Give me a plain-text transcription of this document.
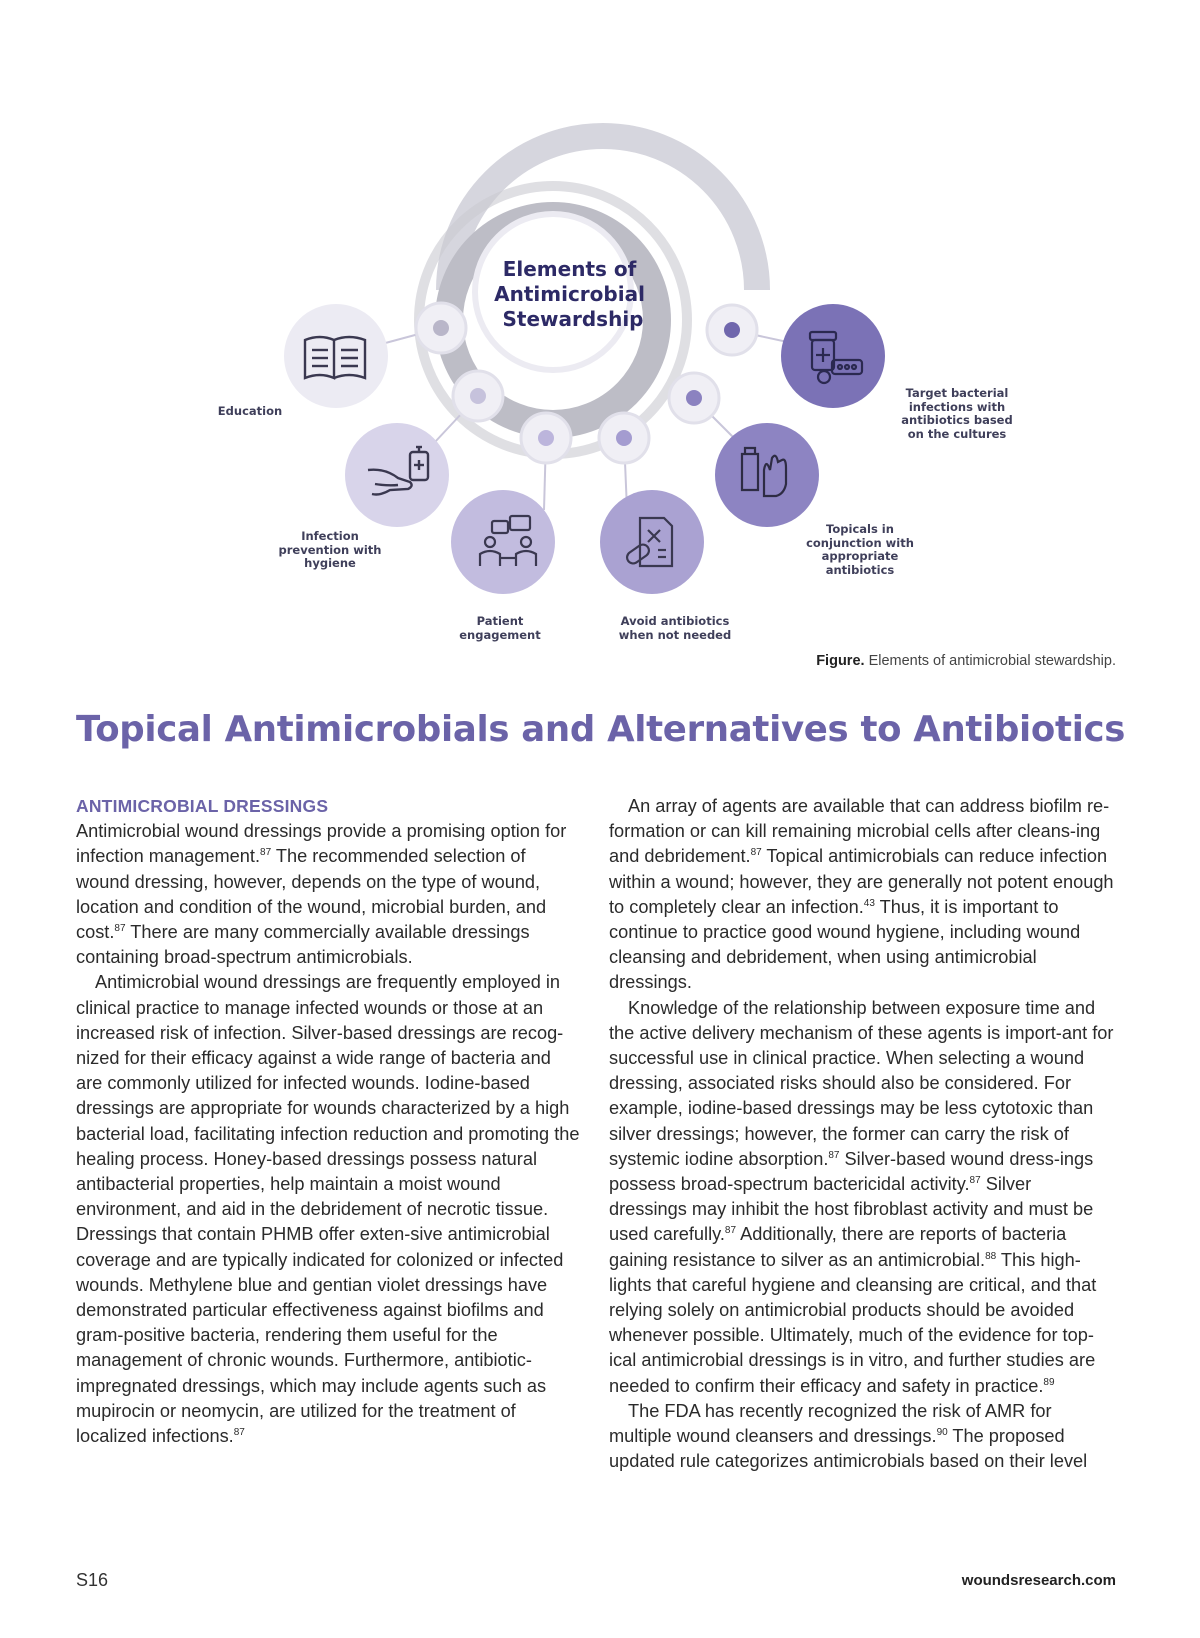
Elements of Antimicrobial Stewardship
Education
Target bacterial
infections with
antibiotics based
on the cultures
Infection
prevention with
hygiene
Patient
engagement
Avoid antibiotics
when not needed
Topicals in
conjunction with
appropriate
antibiotics
Figure. Elements of antimicrobial stewardship.
Topical Antimicrobials and Alternatives to Antibiotics
ANTIMICROBIAL DRESSINGS

Antimicrobial wound dressings provide a promising option for infection management.$^{87}$ The recommended selection of wound dressing, however, depends on the type of wound, location and condition of the wound, microbial burden, and cost.$^{87}$ There are many commercially available dressings containing broad-spectrum antimicrobials.

Antimicrobial wound dressings are frequently employed in clinical practice to manage infected wounds or those at an increased risk of infection. Silver-based dressings are recog-nized for their efficacy against a wide range of bacteria and are commonly utilized for infected wounds. Iodine-based dressings are appropriate for wounds characterized by a high bacterial load, facilitating infection reduction and promoting the healing process. Honey-based dressings possess natural antibacterial properties, help maintain a moist wound environment, and aid in the debridement of necrotic tissue. Dressings that contain PHMB offer exten-sive antimicrobial coverage and are typically indicated for colonized or infected wounds. Methylene blue and gentian violet dressings have demonstrated particular effectiveness against biofilms and gram-positive bacteria, rendering them useful for the management of chronic wounds. Furthermore, antibiotic-impregnated dressings, which may include agents such as mupirocin or neomycin, are utilized for the treatment of localized infections.$^{87}$

An array of agents are available that can address biofilm re-formation or can kill remaining microbial cells after cleans-ing and debridement.$^{87}$ Topical antimicrobials can reduce infection within a wound; however, they are generally not potent enough to completely clear an infection.$^{43}$ Thus, it is important to continue to practice good wound hygiene, including wound cleansing and debridement, when using antimicrobial dressings.

Knowledge of the relationship between exposure time and the active delivery mechanism of these agents is import-ant for successful use in clinical practice. When selecting a wound dressing, associated risks should also be considered. For example, iodine-based dressings may be less cytotoxic than silver dressings; however, the former can carry the risk of systemic iodine absorption.$^{87}$ Silver-based wound dress-ings possess broad-spectrum bactericidal activity.$^{87}$ Silver dressings may inhibit the host fibroblast activity and must be used carefully.$^{87}$ Additionally, there are reports of bacteria gaining resistance to silver as an antimicrobial.$^{88}$ This high-lights that careful hygiene and cleansing are critical, and that relying solely on antimicrobial products should be avoided whenever possible. Ultimately, much of the evidence for top-ical antimicrobial dressings is in vitro, and further studies are needed to confirm their efficacy and safety in practice.$^{89}$

The FDA has recently recognized the risk of AMR for multiple wound cleansers and dressings.$^{90}$ The proposed updated rule categorizes antimicrobials based on their level

S16	woundsresearch.com
